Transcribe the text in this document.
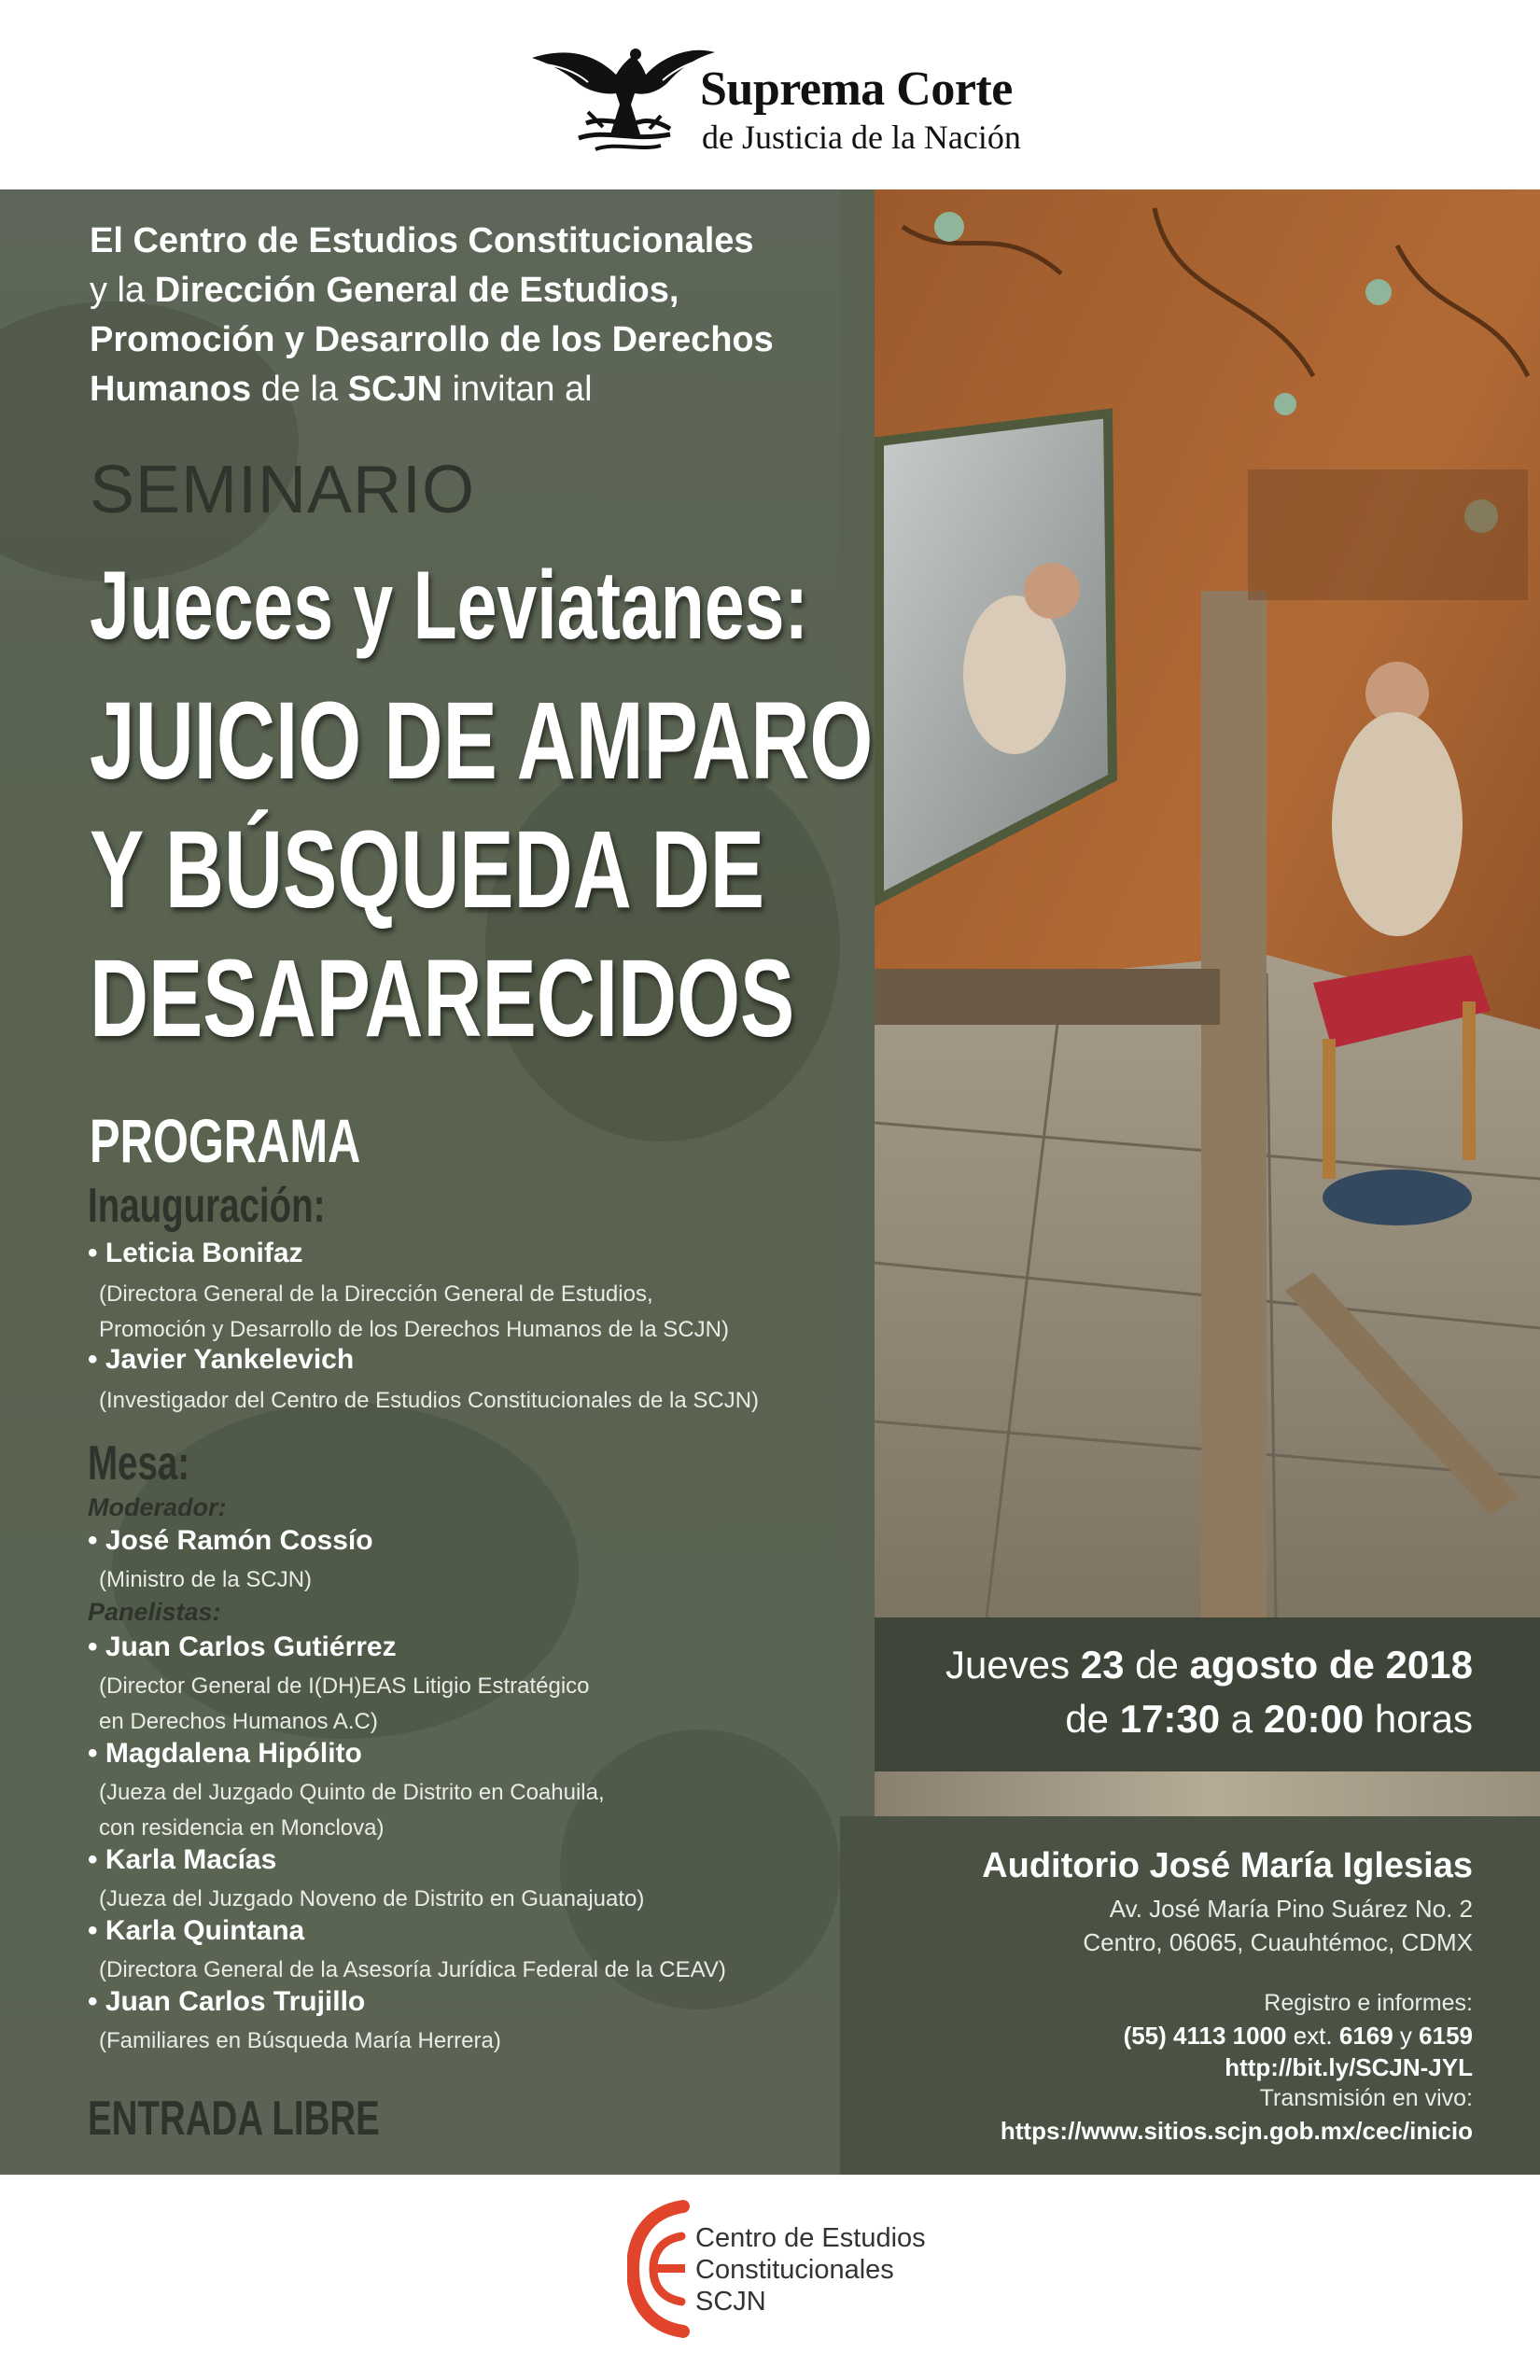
Suprema Corte
de Justicia de la Nación
El Centro de Estudios Constitucionales
y la Dirección General de Estudios,
Promoción y Desarrollo de los Derechos
Humanos de la SCJN invitan al
SEMINARIO
Jueces y Leviatanes:
JUICIO DE AMPARO
Y BÚSQUEDA DE
DESAPARECIDOS
PROGRAMA
Inauguración:
• Leticia Bonifaz
(Directora General de la Dirección General de Estudios,
Promoción y Desarrollo de los Derechos Humanos de la SCJN)
• Javier Yankelevich
(Investigador del Centro de Estudios Constitucionales de la SCJN)
Mesa:
Moderador:
• José Ramón Cossío
(Ministro de la SCJN)
Panelistas:
• Juan Carlos Gutiérrez
(Director General de I(DH)EAS Litigio Estratégico
en Derechos Humanos A.C)
• Magdalena Hipólito
(Jueza del Juzgado Quinto de Distrito en Coahuila,
con residencia en Monclova)
• Karla Macías
(Jueza del Juzgado Noveno de Distrito en Guanajuato)
• Karla Quintana
(Directora General de la Asesoría Jurídica Federal de la CEAV)
• Juan Carlos Trujillo
(Familiares en Búsqueda María Herrera)
ENTRADA LIBRE
Jueves 23 de agosto de 2018
de 17:30 a 20:00 horas
Auditorio José María Iglesias
Av. José María Pino Suárez No. 2
Centro, 06065, Cuauhtémoc, CDMX
Registro e informes:
(55) 4113 1000 ext. 6169 y 6159
http://bit.ly/SCJN-JYL
Transmisión en vivo:
https://www.sitios.scjn.gob.mx/cec/inicio
Centro de Estudios
Constitucionales
SCJN
